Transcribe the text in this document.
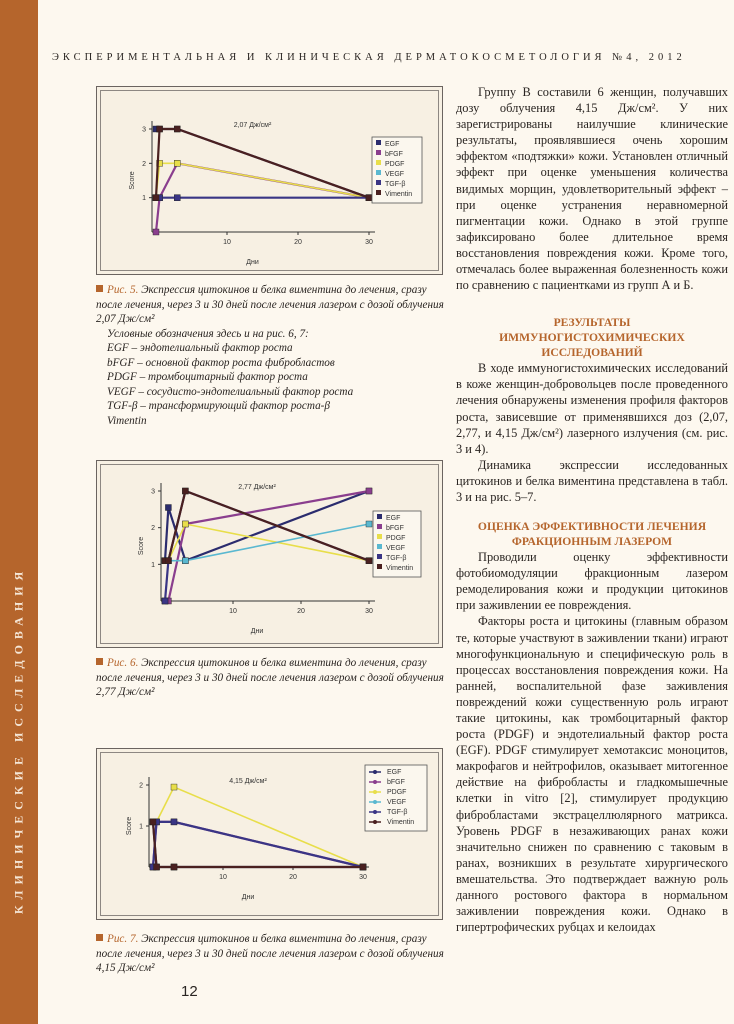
КЛИНИЧЕСКИЕ ИССЛЕДОВАНИЯ
ЭКСПЕРИМЕНТАЛЬНАЯ И КЛИНИЧЕСКАЯ ДЕРМАТОКОСМЕТОЛОГИЯ №4, 2012
10	20	30
1
2
3
Дни
Score
2,07 Дж/см²
EGF
bFGF
PDGF
VEGF
TGF-β
Vimentin
Рис. 5. Экспрессия цитокинов и белка виментина до лечения, сразу после лечения, через 3 и 30 дней после лечения лазером с дозой облучения 2,07 Дж/см²
Условные обозначения здесь и на рис. 6, 7:
EGF – эндотелиальный фактор роста
bFGF – основной фактор роста фибробластов
PDGF – тромбоцитарный фактор роста
VEGF – сосудисто-эндотелиальный фактор роста
TGF-β – трансформирующий фактор роста-β
Vimentin
10	20	30
1
2
3
Дни
Score
2,77 Дж/см²
EGF
bFGF
PDGF
VEGF
TGF-β
Vimentin
Рис. 6. Экспрессия цитокинов и белка виментина до лечения, сразу после лечения, через 3 и 30 дней после лечения лазером с дозой облучения 2,77 Дж/см²
10	20	30
1
2
Дни
Score
4,15 Дж/см²
EGF
bFGF
PDGF
VEGF
TGF-β
Vimentin
Рис. 7. Экспрессия цитокинов и белка виментина до лечения, сразу после лечения, через 3 и 30 дней после лечения лазером с дозой облучения 4,15 Дж/см²
12

Группу В составили 6 женщин, получавших дозу облучения 4,15 Дж/см². У них зарегистрированы наилучшие клинические результаты, проявлявшиеся очень хорошим эффектом «подтяжки» кожи. Установлен отличный эффект при оценке уменьшения количества видимых морщин, удовлетворительный эффект – при оценке устранения неравномерной пигментации кожи. Однако в этой группе зафиксировано более длительное время восстановления повреждения кожи. Кроме того, отмечалась более выраженная болезненность кожи по сравнению с пациентками из групп А и Б.

РЕЗУЛЬТАТЫ ИММУНОГИСТОХИМИЧЕСКИХ ИССЛЕДОВАНИЙ

В ходе иммуногистохимических исследований в коже женщин-добровольцев после проведенного лечения обнаружены изменения профиля факторов роста, зависевшие от применявшихся доз (2,07, 2,77, и 4,15 Дж/см²) лазерного излучения (см. рис. 3 и 4).

Динамика экспрессии исследованных цитокинов и белка виментина представлена в табл. 3 и на рис. 5–7.

ОЦЕНКА ЭФФЕКТИВНОСТИ ЛЕЧЕНИЯ ФРАКЦИОННЫМ ЛАЗЕРОМ

Проводили оценку эффективности фотобиомодуляции фракционным лазером ремоделирования кожи и продукции цитокинов при заживлении ее повреждения.

Факторы роста и цитокины (главным образом те, которые участвуют в заживлении ткани) играют многофункциональную и специфическую роль в процессах восстановления повреждения кожи. На ранней, воспалительной фазе заживления повреждений кожи существенную роль играют такие цитокины, как тромбоцитарный фактор роста (PDGF) и эндотелиальный фактор роста (EGF). PDGF стимулирует хемотаксис моноцитов, макрофагов и нейтрофилов, оказывает митогенное действие на фибробласты и гладкомышечные клетки in vitro [2], стимулирует продукцию фибробластами экстрацеллюлярного матрикса. Уровень PDGF в незаживающих ранах кожи значительно снижен по сравнению с таковым в ранах, возникших в результате хирургического вмешательства. Это подтверждает важную роль данного ростового фактора в нормальном заживлении повреждения кожи. Однако в гипертрофических рубцах и келоидах
